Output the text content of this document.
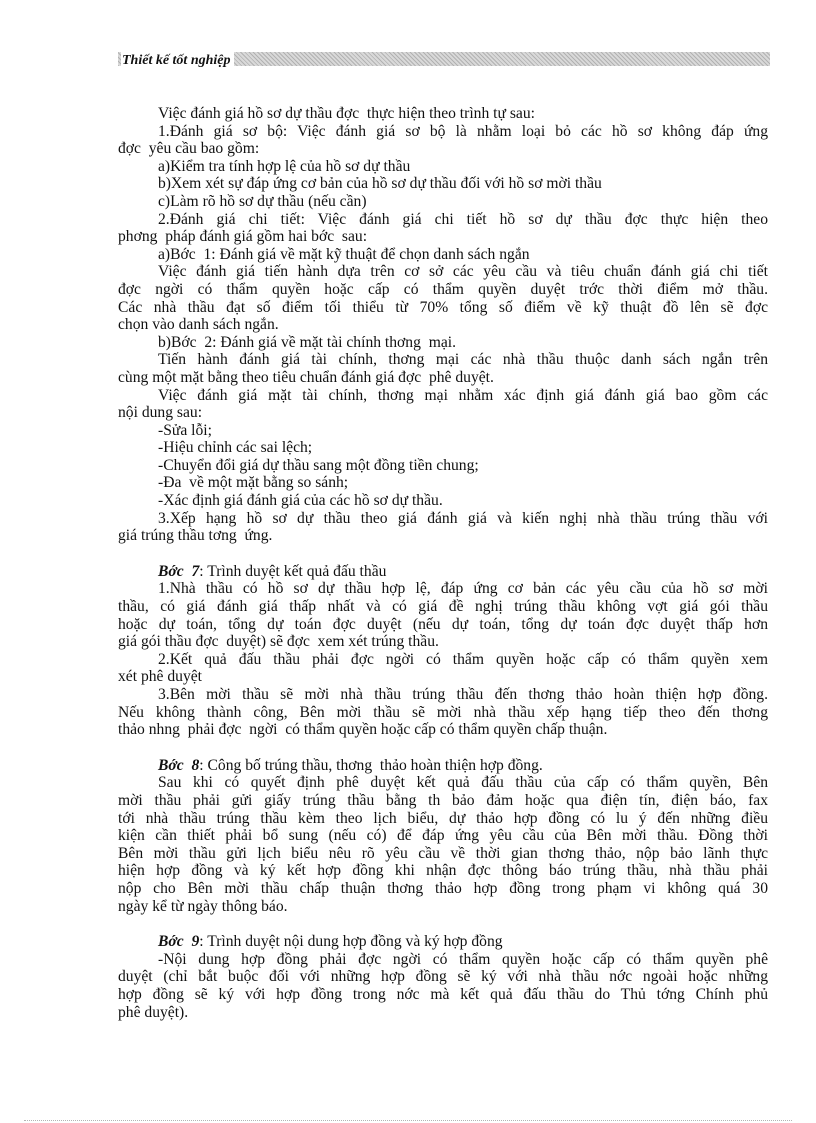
Thiết kế tốt nghiệp
Việc đánh giá hồ sơ dự thầu đợc  thực hiện theo trình tự sau:
1.Đánh giá sơ bộ: Việc đánh giá sơ bộ là nhằm loại bỏ các hồ sơ không đáp ứng
đợc  yêu cầu bao gồm:
a)Kiểm tra tính hợp lệ của hồ sơ dự thầu
b)Xem xét sự đáp ứng cơ bản của hồ sơ dự thầu đối với hồ sơ mời thầu
c)Làm rõ hồ sơ dự thầu (nếu cần)
2.Đánh giá chi tiết: Việc đánh giá chi tiết hồ sơ dự thầu đợc thực hiện theo
phơng  pháp đánh giá gồm hai bớc  sau:
a)Bớc  1: Đánh giá về mặt kỹ thuật để chọn danh sách ngắn
Việc đánh giá tiến hành dựa trên cơ sở các yêu cầu và tiêu chuẩn đánh giá chi tiết
đợc ngời có thẩm quyền hoặc cấp có thẩm quyền duyệt trớc thời điểm mở thầu.
Các nhà thầu đạt số điểm tối thiểu từ 70% tổng số điểm về kỹ thuật đồ lên sẽ đợc
chọn vào danh sách ngắn.
b)Bớc  2: Đánh giá về mặt tài chính thơng  mại.
Tiến hành đánh giá tài chính, thơng mại các nhà thầu thuộc danh sách ngắn trên
cùng một mặt bằng theo tiêu chuẩn đánh giá đợc  phê duyệt.
Việc đánh giá mặt tài chính, thơng mại nhằm xác định giá đánh giá bao gồm các
nội dung sau:
-Sửa lỗi;
-Hiệu chỉnh các sai lệch;
-Chuyển đổi giá dự thầu sang một đồng tiền chung;
-Đa  về một mặt bằng so sánh;
-Xác định giá đánh giá của các hồ sơ dự thầu.
3.Xếp hạng hồ sơ dự thầu theo giá đánh giá và kiến nghị nhà thầu trúng thầu với
giá trúng thầu tơng  ứng.
Bớc  7: Trình duyệt kết quả đấu thầu
1.Nhà thầu có hồ sơ dự thầu hợp lệ, đáp ứng cơ bản các yêu cầu của hồ sơ mời
thầu, có giá đánh giá thấp nhất và có giá đề nghị trúng thầu không vợt giá gói thầu
hoặc dự toán, tổng dự toán đợc duyệt (nếu dự toán, tổng dự toán đợc duyệt thấp hơn
giá gói thầu đợc  duyệt) sẽ đợc  xem xét trúng thầu.
2.Kết quả đấu thầu phải đợc ngời có thẩm quyền hoặc cấp có thẩm quyền xem
xét phê duyệt
3.Bên mời thầu sẽ mời nhà thầu trúng thầu đến thơng thảo hoàn thiện hợp đồng.
Nếu không thành công, Bên mời thầu sẽ mời nhà thầu xếp hạng tiếp theo đến thơng
thảo nhng  phải đợc  ngời  có thẩm quyền hoặc cấp có thẩm quyền chấp thuận.
Bớc  8: Công bố trúng thầu, thơng  thảo hoàn thiện hợp đồng.
Sau khi có quyết định phê duyệt kết quả đấu thầu của cấp có thẩm quyền, Bên
mời thầu phải gửi giấy trúng thầu bằng th bảo đảm hoặc qua điện tín, điện báo, fax
tới nhà thầu trúng thầu kèm theo lịch biểu, dự thảo hợp đồng có lu ý đến những điều
kiện cần thiết phải bổ sung (nếu có) để đáp ứng yêu cầu của Bên mời thầu. Đồng thời
Bên mời thầu gửi lịch biểu nêu rõ yêu cầu về thời gian thơng thảo, nộp bảo lãnh thực
hiện hợp đồng và ký kết hợp đồng khi nhận đợc thông báo trúng thầu, nhà thầu phải
nộp cho Bên mời thầu chấp thuận thơng thảo hợp đồng trong phạm vi không quá 30
ngày kể từ ngày thông báo.
Bớc  9: Trình duyệt nội dung hợp đồng và ký hợp đồng
-Nội dung hợp đồng phải đợc ngời có thẩm quyền hoặc cấp có thẩm quyền phê
duyệt (chỉ bắt buộc đối với những hợp đồng sẽ ký với nhà thầu nớc ngoài hoặc những
hợp đồng sẽ ký với hợp đồng trong nớc mà kết quả đấu thầu do Thủ tớng Chính phủ
phê duyệt).
